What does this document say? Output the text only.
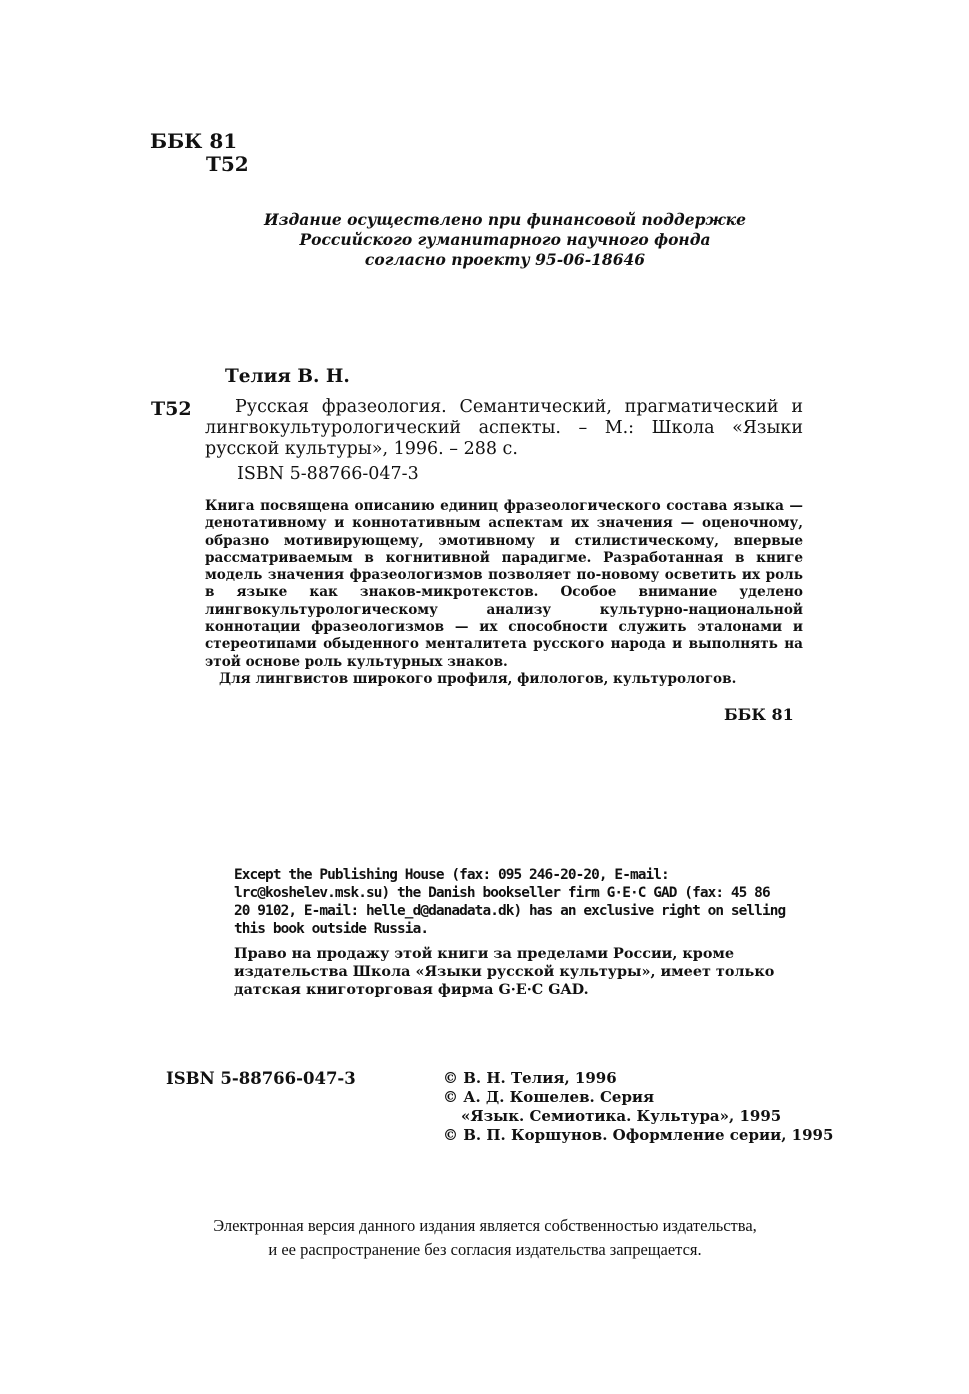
ББК 81
Т52
Издание осуществлено при финансовой поддержке
Российского гуманитарного научного фонда
согласно проекту 95-06-18646
Телия В. Н.
Т52	Русская фразеология. Семантический, прагматический и лингвокультурологический аспекты. – М.: Школа «Языки русской культуры», 1996. – 288 с.
ISBN 5-88766-047-3

Книга посвящена описанию единиц фразеологического состава языка — денотативному и коннотативным аспектам их значения — оценочному, образно мотивирующему, эмотивному и стилистическому, впервые рассматриваемым в когнитивной парадигме. Разработанная в книге модель значения фразеологизмов позволяет по-новому осветить их роль в языке как знаков-микротекстов. Особое внимание уделено лингвокультурологическому анализу культурно-национальной коннотации фразеологизмов — их способности служить эталонами и стереотипами обыденного менталитета русского народа и выполнять на этой основе роль культурных знаков.

Для лингвистов широкого профиля, филологов, культурологов.

ББК 81
Except the Publishing House (fax: 095 246-20-20, E-mail: lrc@koshelev.msk.su) the Danish bookseller firm G·E·C GAD (fax: 45 86 20 9102, E-mail: helle_d@danadata.dk) has an exclusive right on selling this book outside Russia.
Право на продажу этой книги за пределами России, кроме издательства Школа «Языки русской культуры», имеет только датская книготорговая фирма G·E·C GAD.
ISBN 5-88766-047-3	© В. Н. Телия, 1996
© А. Д. Кошелев. Серия
«Язык. Семиотика. Культура», 1995
© В. П. Коршунов. Оформление серии, 1995
Электронная версия данного издания является собственностью издательства,
и ее распространение без согласия издательства запрещается.
